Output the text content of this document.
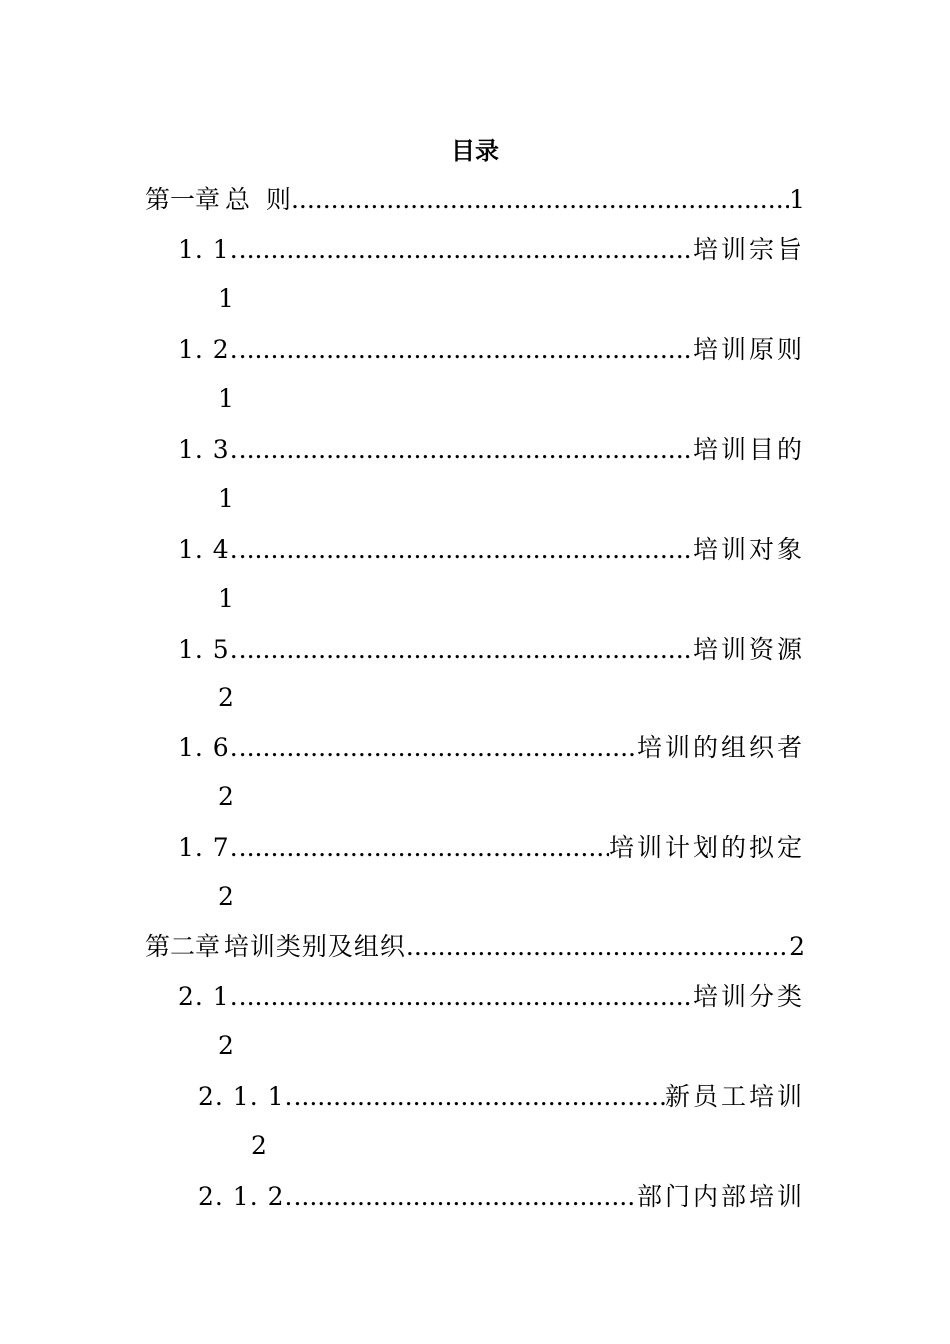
目录
第一章 总  则 .....	1
1. 1. .....	培训宗旨
1
1. 2. .....	培训原则
1
1. 3. .....	培训目的
1
1. 4. .....	培训对象
1
1. 5. .....	培训资源
2
1. 6. .....	培训的组织者
2
1. 7. .....	培训计划的拟定
2
第二章 培训类别及组织 .....	2
2. 1. .....	培训分类
2
2. 1. 1. .....	新员工培训
2
2. 1. 2. .....	部门内部培训
